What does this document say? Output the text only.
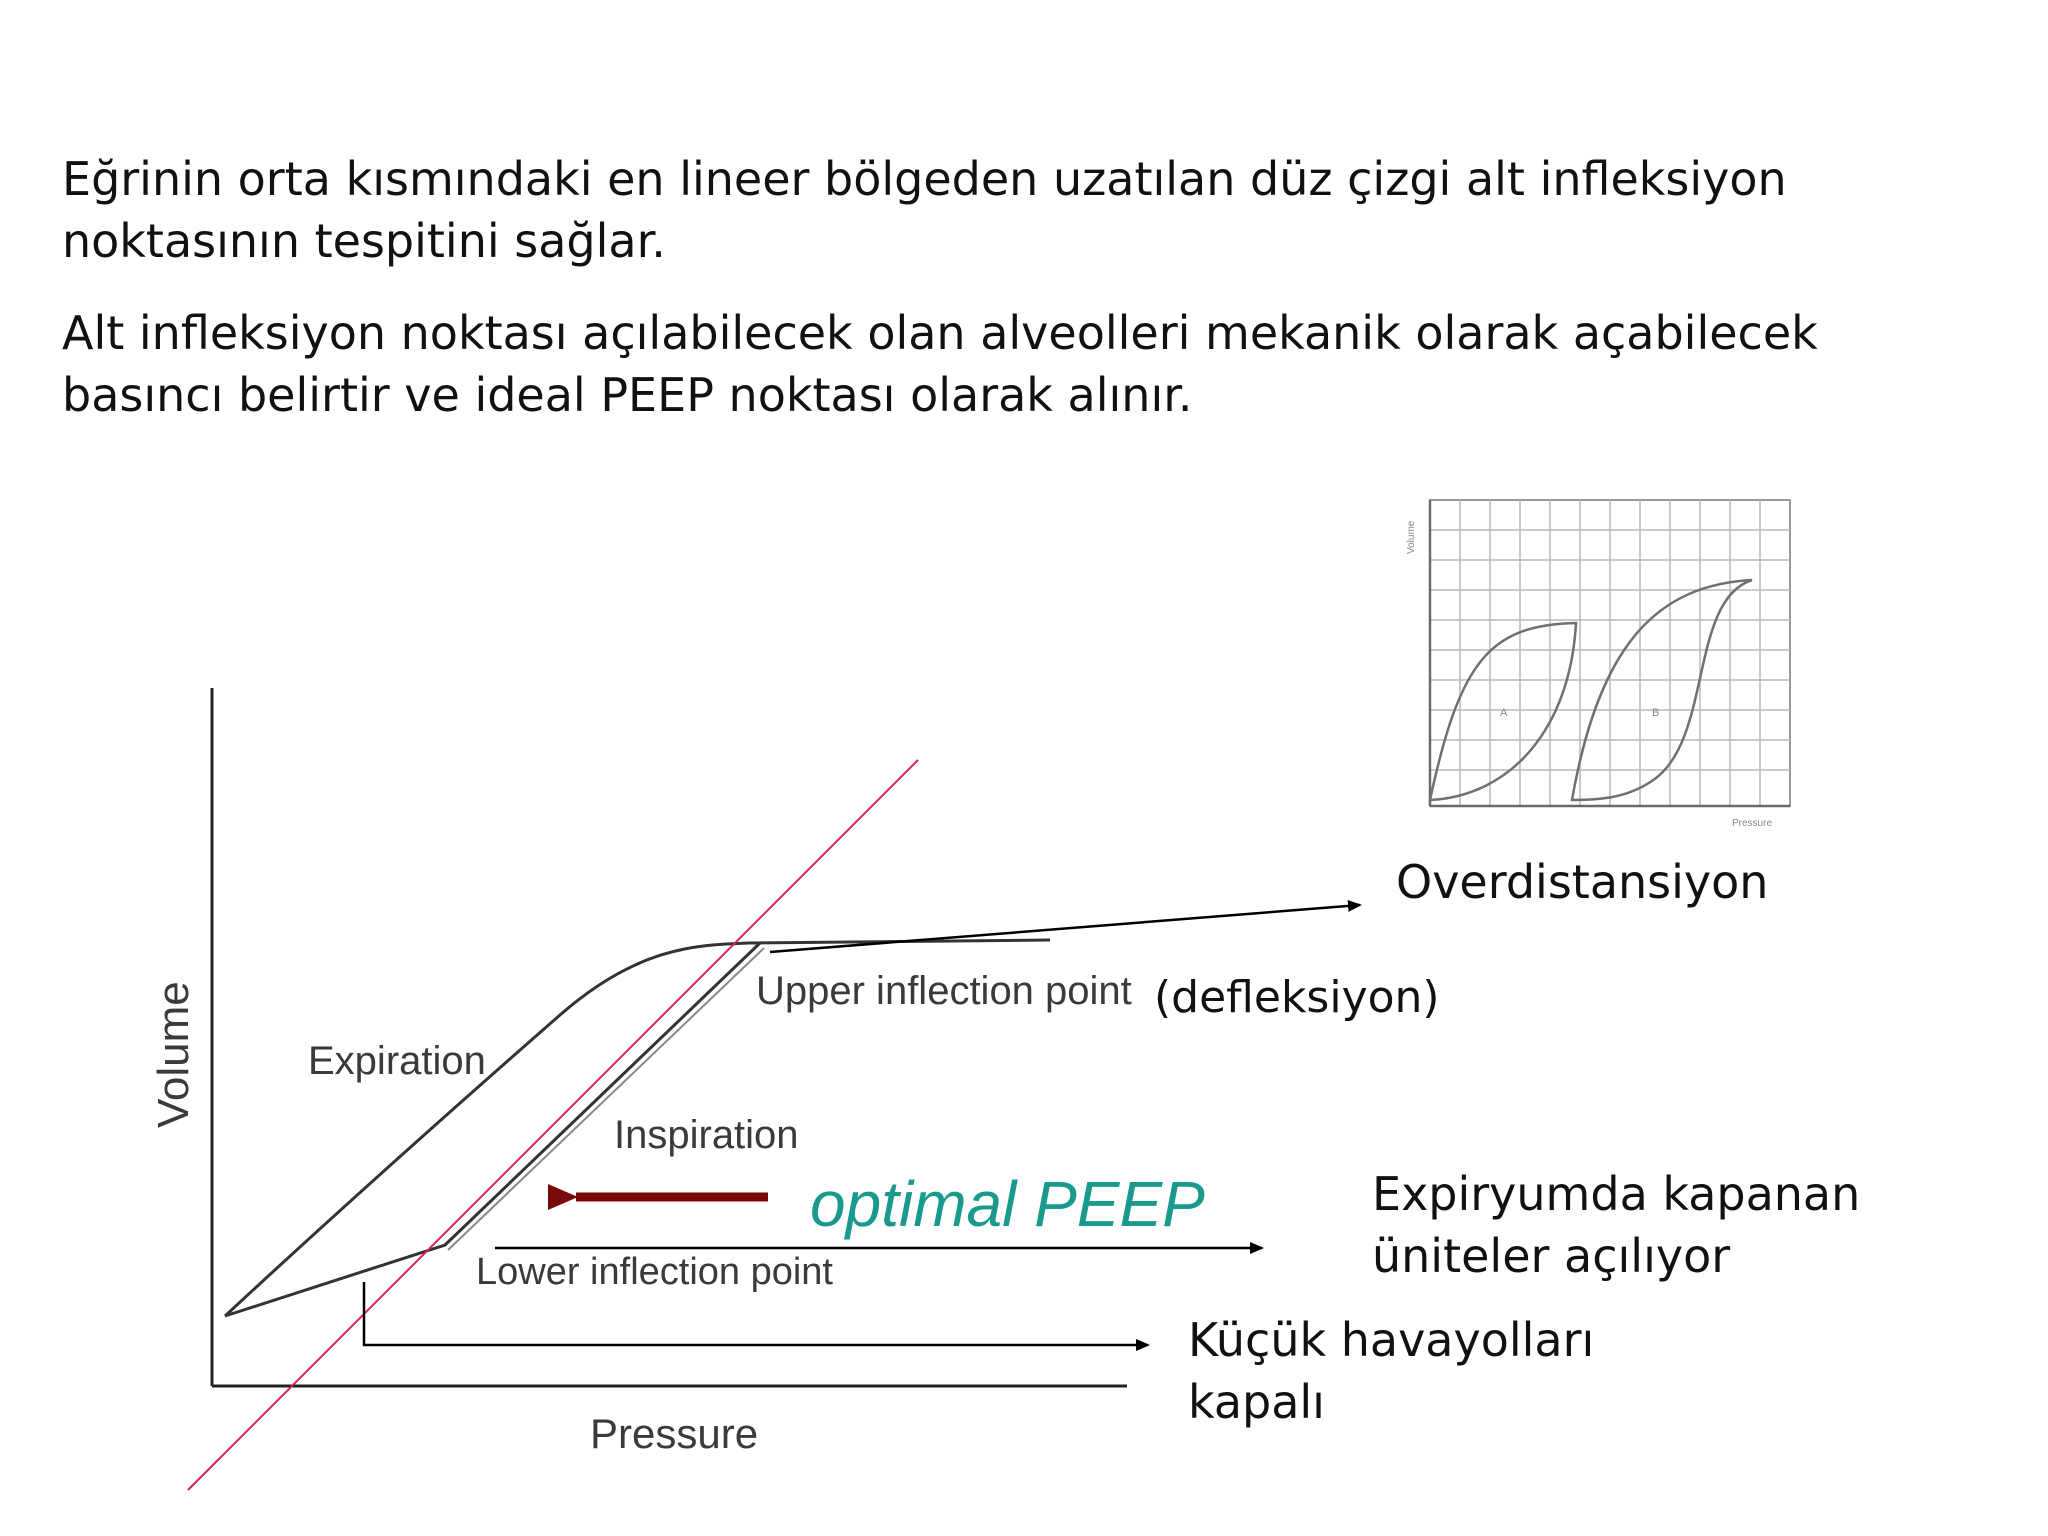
Eğrinin orta kısmındaki en lineer bölgeden uzatılan düz çizgi alt infleksiyon
noktasının tespitini sağlar.

Alt infleksiyon noktası açılabilecek olan alveolleri mekanik olarak açabilecek
basıncı belirtir ve ideal PEEP noktası olarak alınır.

A	B
Volume
Pressure
Volume
Pressure
Expiration
Inspiration
Upper inflection point
Lower inflection point
Overdistansiyon
(defleksiyon)
optimal PEEP	Expiryumda kapanan
üniteler açılıyor
Küçük havayolları
kapalı
